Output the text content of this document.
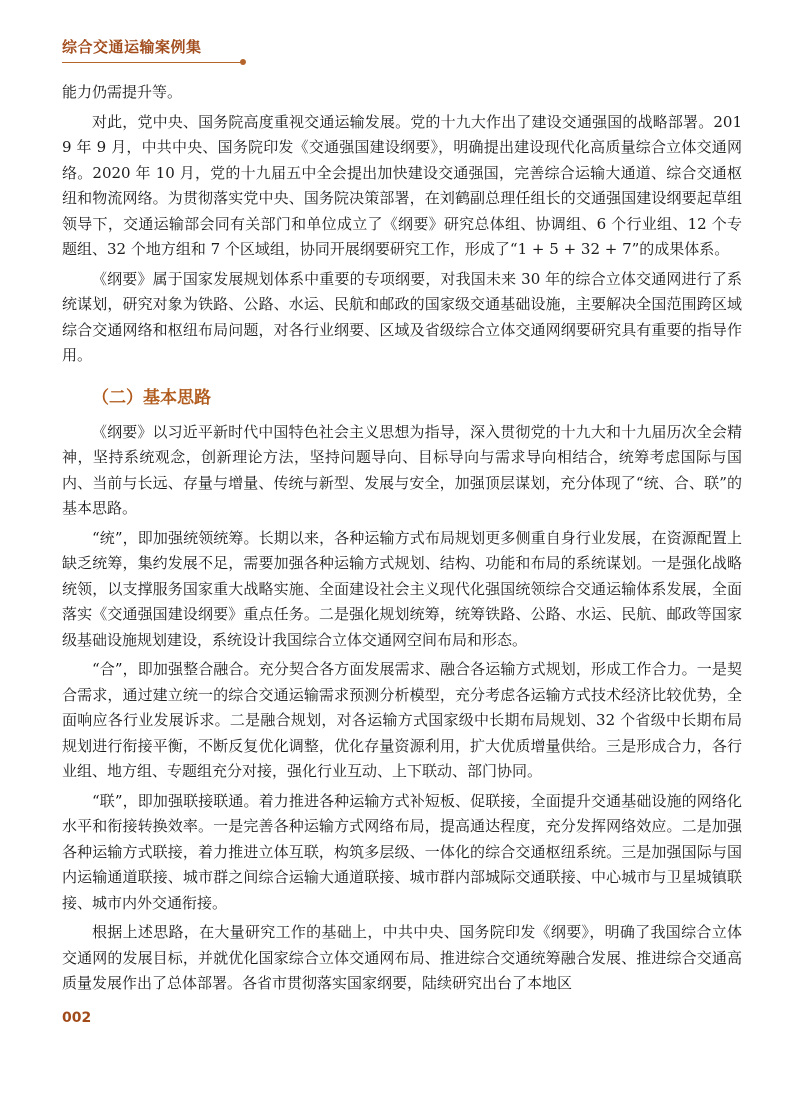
综合交通运输案例集

能力仍需提升等。

对此，党中央、国务院高度重视交通运输发展。党的十九大作出了建设交通强国的战略部署。2019 年 9 月，中共中央、国务院印发《交通强国建设纲要》，明确提出建设现代化高质量综合立体交通网络。2020 年 10 月，党的十九届五中全会提出加快建设交通强国，完善综合运输大通道、综合交通枢纽和物流网络。为贯彻落实党中央、国务院决策部署，在刘鹤副总理任组长的交通强国建设纲要起草组领导下，交通运输部会同有关部门和单位成立了《纲要》研究总体组、协调组、6 个行业组、12 个专题组、32 个地方组和 7 个区域组，协同开展纲要研究工作，形成了“1 + 5 + 32 + 7”的成果体系。

《纲要》属于国家发展规划体系中重要的专项纲要，对我国未来 30 年的综合立体交通网进行了系统谋划，研究对象为铁路、公路、水运、民航和邮政的国家级交通基础设施，主要解决全国范围跨区域综合交通网络和枢纽布局问题，对各行业纲要、区域及省级综合立体交通网纲要研究具有重要的指导作用。

（二）基本思路

《纲要》以习近平新时代中国特色社会主义思想为指导，深入贯彻党的十九大和十九届历次全会精神，坚持系统观念，创新理论方法，坚持问题导向、目标导向与需求导向相结合，统筹考虑国际与国内、当前与长远、存量与增量、传统与新型、发展与安全，加强顶层谋划，充分体现了“统、合、联”的基本思路。

“统”，即加强统领统筹。长期以来，各种运输方式布局规划更多侧重自身行业发展，在资源配置上缺乏统筹，集约发展不足，需要加强各种运输方式规划、结构、功能和布局的系统谋划。一是强化战略统领，以支撑服务国家重大战略实施、全面建设社会主义现代化强国统领综合交通运输体系发展，全面落实《交通强国建设纲要》重点任务。二是强化规划统筹，统筹铁路、公路、水运、民航、邮政等国家级基础设施规划建设，系统设计我国综合立体交通网空间布局和形态。

“合”，即加强整合融合。充分契合各方面发展需求、融合各运输方式规划，形成工作合力。一是契合需求，通过建立统一的综合交通运输需求预测分析模型，充分考虑各运输方式技术经济比较优势，全面响应各行业发展诉求。二是融合规划，对各运输方式国家级中长期布局规划、32 个省级中长期布局规划进行衔接平衡，不断反复优化调整，优化存量资源利用，扩大优质增量供给。三是形成合力，各行业组、地方组、专题组充分对接，强化行业互动、上下联动、部门协同。

“联”，即加强联接联通。着力推进各种运输方式补短板、促联接，全面提升交通基础设施的网络化水平和衔接转换效率。一是完善各种运输方式网络布局，提高通达程度，充分发挥网络效应。二是加强各种运输方式联接，着力推进立体互联，构筑多层级、一体化的综合交通枢纽系统。三是加强国际与国内运输通道联接、城市群之间综合运输大通道联接、城市群内部城际交通联接、中心城市与卫星城镇联接、城市内外交通衔接。

根据上述思路，在大量研究工作的基础上，中共中央、国务院印发《纲要》，明确了我国综合立体交通网的发展目标，并就优化国家综合立体交通网布局、推进综合交通统筹融合发展、推进综合交通高质量发展作出了总体部署。各省市贯彻落实国家纲要，陆续研究出台了本地区

002
